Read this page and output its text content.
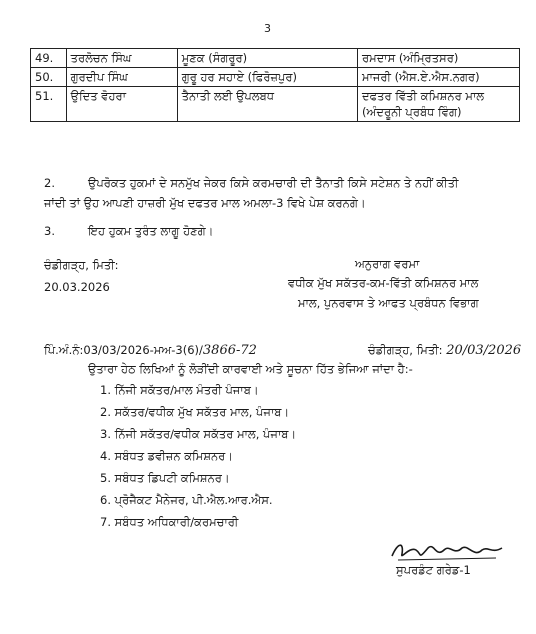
3
49.	ਤਰਲੋਚਨ ਸਿੰਘ	ਮੂਣਕ (ਸੰਗਰੂਰ)	ਰਮਦਾਸ (ਅੰਮ੍ਰਿਤਸਰ)
50.	ਗੁਰਦੀਪ ਸਿੰਘ	ਗੁਰੂ ਹਰ ਸਹਾਏ (ਫਿਰੋਜ਼ਪੁਰ)	ਮਾਜਰੀ (ਐਸ.ਏ.ਐਸ.ਨਗਰ)
51.	ਉਦਿਤ ਵੋਹਰਾ	ਤੈਨਾਤੀ ਲਈ ਉਪਲਬਧ	ਦਫਤਰ ਵਿੱਤੀ ਕਮਿਸ਼ਨਰ ਮਾਲ
(ਅੰਦਰੂਨੀ ਪ੍ਰਬੰਧ ਵਿੰਗ)
2.	ਉਪਰੋਕਤ ਹੁਕਮਾਂ ਦੇ ਸਨਮੁੱਖ ਜੇਕਰ ਕਿਸੇ ਕਰਮਚਾਰੀ ਦੀ ਤੈਨਾਤੀ ਕਿਸੇ ਸਟੇਸ਼ਨ ਤੇ ਨਹੀਂ ਕੀਤੀ
ਜਾਂਦੀ ਤਾਂ ਉਹ ਆਪਣੀ ਹਾਜ਼ਰੀ ਮੁੱਖ ਦਫਤਰ ਮਾਲ ਅਮਲਾ-3 ਵਿਖੇ ਪੇਸ਼ ਕਰਨਗੇ।
3.	ਇਹ ਹੁਕਮ ਤੁਰੰਤ ਲਾਗੂ ਹੋਣਗੇ।
ਚੰਡੀਗੜ੍ਹ, ਮਿਤੀ:
20.03.2026
ਅਨੁਰਾਗ ਵਰਮਾ
ਵਧੀਕ ਮੁੱਖ ਸਕੱਤਰ-ਕਮ-ਵਿੱਤੀ ਕਮਿਸ਼ਨਰ ਮਾਲ
ਮਾਲ, ਪੁਨਰਵਾਸ ਤੇ ਆਫਤ ਪ੍ਰਬੰਧਨ ਵਿਭਾਗ
ਪਿੰ.ਅੰ.ਨੰ:03/03/2026-ਮਅ-3(6)/3866-72	ਚੰਡੀਗੜ੍ਹ, ਮਿਤੀ: 20/03/2026
ਉਤਾਰਾ ਹੇਠ ਲਿਖਿਆਂ ਨੂੰ ਲੋੜੀਂਦੀ ਕਾਰਵਾਈ ਅਤੇ ਸੂਚਨਾ ਹਿੱਤ ਭੇਜਿਆ ਜਾਂਦਾ ਹੈ:-
1. ਨਿੱਜੀ ਸਕੱਤਰ/ਮਾਲ ਮੰਤਰੀ ਪੰਜਾਬ।
2. ਸਕੱਤਰ/ਵਧੀਕ ਮੁੱਖ ਸਕੱਤਰ ਮਾਲ, ਪੰਜਾਬ।
3. ਨਿੱਜੀ ਸਕੱਤਰ/ਵਧੀਕ ਸਕੱਤਰ ਮਾਲ, ਪੰਜਾਬ।
4. ਸਬੰਧਤ ਡਵੀਜ਼ਨ ਕਮਿਸ਼ਨਰ।
5. ਸਬੰਧਤ ਡਿਪਟੀ ਕਮਿਸ਼ਨਰ।
6. ਪ੍ਰੋਜੈਕਟ ਮੈਨੇਜਰ, ਪੀ.ਐਲ.ਆਰ.ਐਸ.
7. ਸਬੰਧਤ ਅਧਿਕਾਰੀ/ਕਰਮਚਾਰੀ
ਸੁਪਰਡੰਟ ਗਰੇਡ-1
